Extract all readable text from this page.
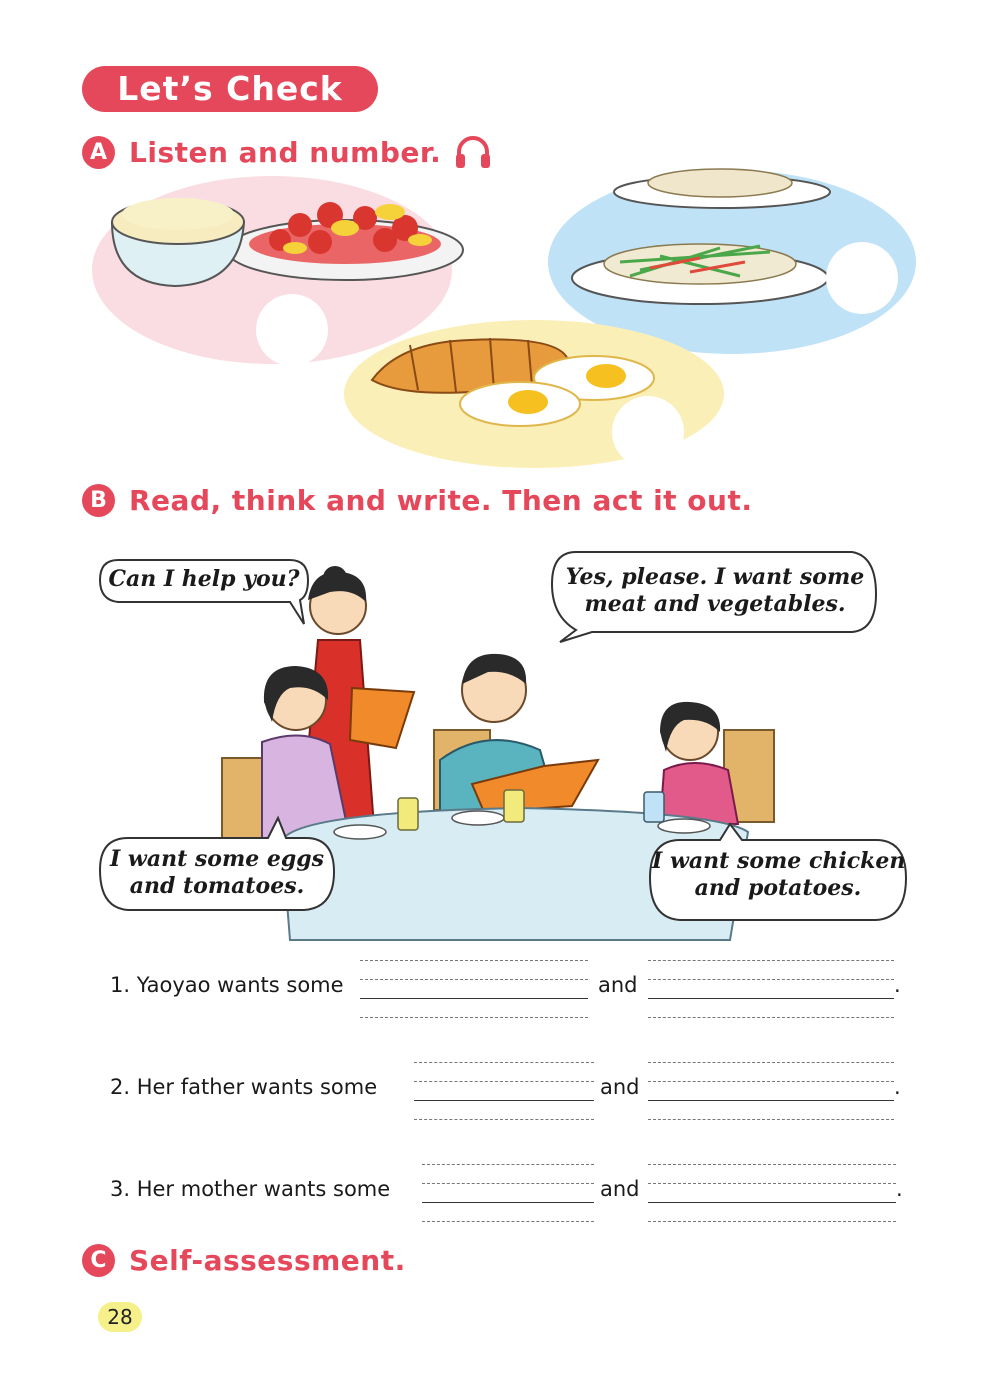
Let’s Check
A Listen and number.
B Read, think and write. Then act it out.
Can I help you?	Yes, please. I want some
meat and vegetables.
I want some eggs
and tomatoes.
I want some chicken
and potatoes.
1. Yaoyao wants some	and	.
2. Her father wants some	and	.
3. Her mother wants some	and	.
C Self-assessment.
28
